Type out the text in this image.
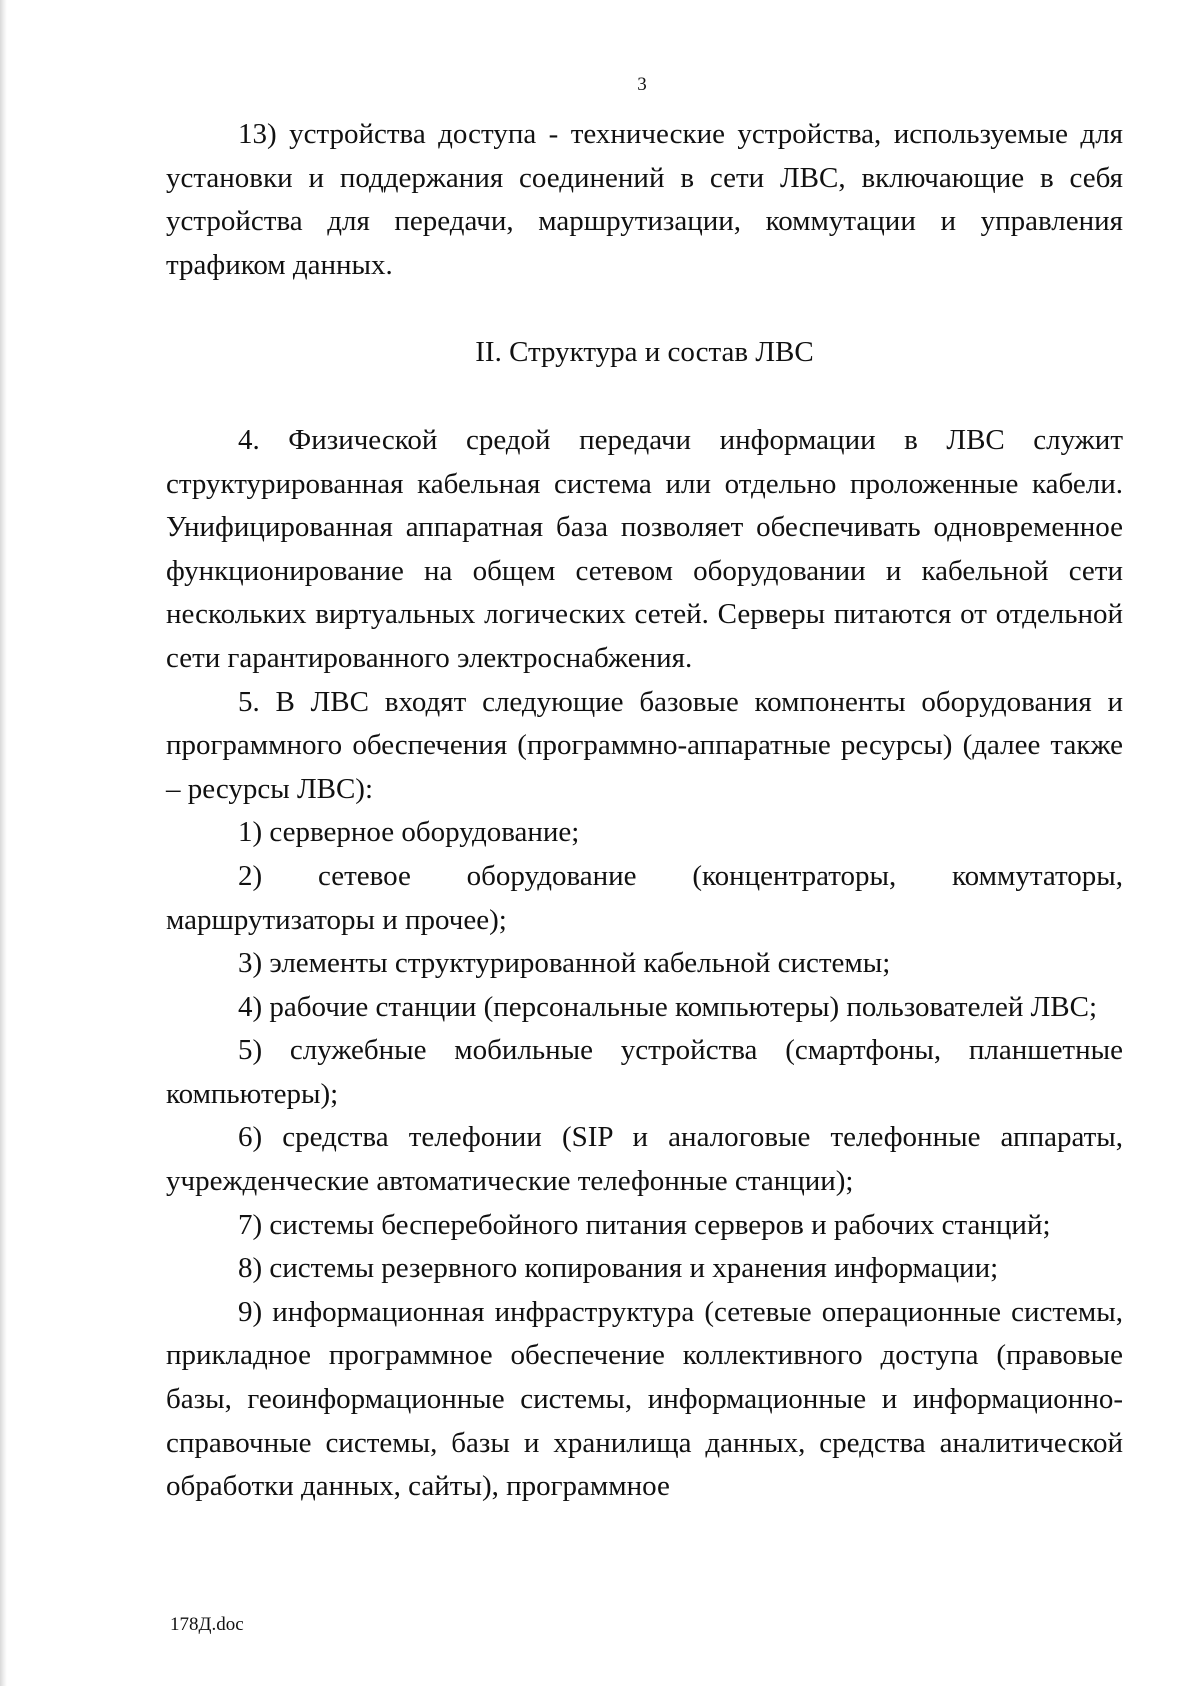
3

13) устройства доступа - технические устройства, используемые для установки и поддержания соединений в сети ЛВС, включающие в себя устройства для передачи, маршрутизации, коммутации и управления трафиком данных.

II. Структура и состав ЛВС

4. Физической средой передачи информации в ЛВС служит структурированная кабельная система или отдельно проложенные кабели. Унифицированная аппаратная база позволяет обеспечивать одновременное функционирование на общем сетевом оборудовании и кабельной сети нескольких виртуальных логических сетей. Серверы питаются от отдельной сети гарантированного электроснабжения.

5. В ЛВС входят следующие базовые компоненты оборудования и программного обеспечения (программно-аппаратные ресурсы) (далее также – ресурсы ЛВС):

1) серверное оборудование;

2) сетевое оборудование (концентраторы, коммутаторы, маршрутизаторы и прочее);

3) элементы структурированной кабельной системы;

4) рабочие станции (персональные компьютеры) пользователей ЛВС;

5) служебные мобильные устройства (смартфоны, планшетные компьютеры);

6) средства телефонии (SIP и аналоговые телефонные аппараты, учрежденческие автоматические телефонные станции);

7) системы бесперебойного питания серверов и рабочих станций;

8) системы резервного копирования и хранения информации;

9) информационная инфраструктура (сетевые операционные системы, прикладное программное обеспечение коллективного доступа (правовые базы, геоинформационные системы, информационные и информационно-справочные системы, базы и хранилища данных, средства аналитической обработки данных, сайты), программное

178Д.doc
